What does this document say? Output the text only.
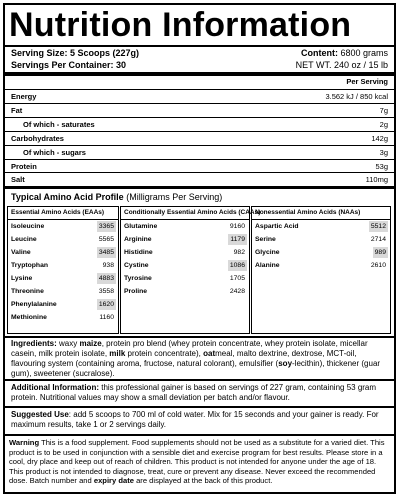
Nutrition Information
Serving Size: 5 Scoops (227g)
Servings Per Container: 30
Content: 6800 grams
NET WT. 240 oz / 15 lb
Per Serving
Energy	3.562 kJ / 850 kcal
Fat	7g
Of which - saturates	2g
Carbohydrates	142g
Of which - sugars	3g
Protein	53g
Salt	110mg
Typical Amino Acid Profile (Milligrams Per Serving)
Essential Amino Acids (EAAs)
Isoleucine	3365
Leucine	5565
Valine	3485
Tryptophan	938
Lysine	4883
Threonine	3558
Phenylalanine	1620
Methionine	1160
Conditionally Essential Amino Acids (CAAs)
Glutamine	9160
Arginine	1179
Histidine	982
Cystine	1086
Tyrosine	1705
Proline	2428
Nonessential Amino Acids (NAAs)
Aspartic Acid	5512
Serine	2714
Glycine	989
Alanine	2610
Ingredients: waxy maize, protein pro blend (whey protein concentrate, whey protein isolate, micellar casein, milk protein isolate, milk protein concentrate), oatmeal, malto dextrine, dextrose, MCT-oil, flavouring system (containing aroma, fructose, natural colorant), emulsifier (soy-lecithin), thickener (guar gum), sweetener (sucralose).
Additional Information: this professional gainer is based on servings of 227 gram, containing 53 gram protein. Nutritional values may show a small deviation per batch and/or flavour.
Suggested Use: add 5 scoops to 700 ml of cold water. Mix for 15 seconds and your gainer is ready. For maximum results, take 1 or 2 servings daily.
Warning This is a food supplement. Food supplements should not be used as a substitute for a varied diet. This product is to be used in conjunction with a sensible diet and exercise program for best results. Please store in a cool, dry place and keep out of reach of children. This product is not intended for anyone under the age of 18. This product is not intended to diagnose, treat, cure or prevent any disease. Never exceed the recommended dose. Batch number and expiry date are displayed at the back of this product.
